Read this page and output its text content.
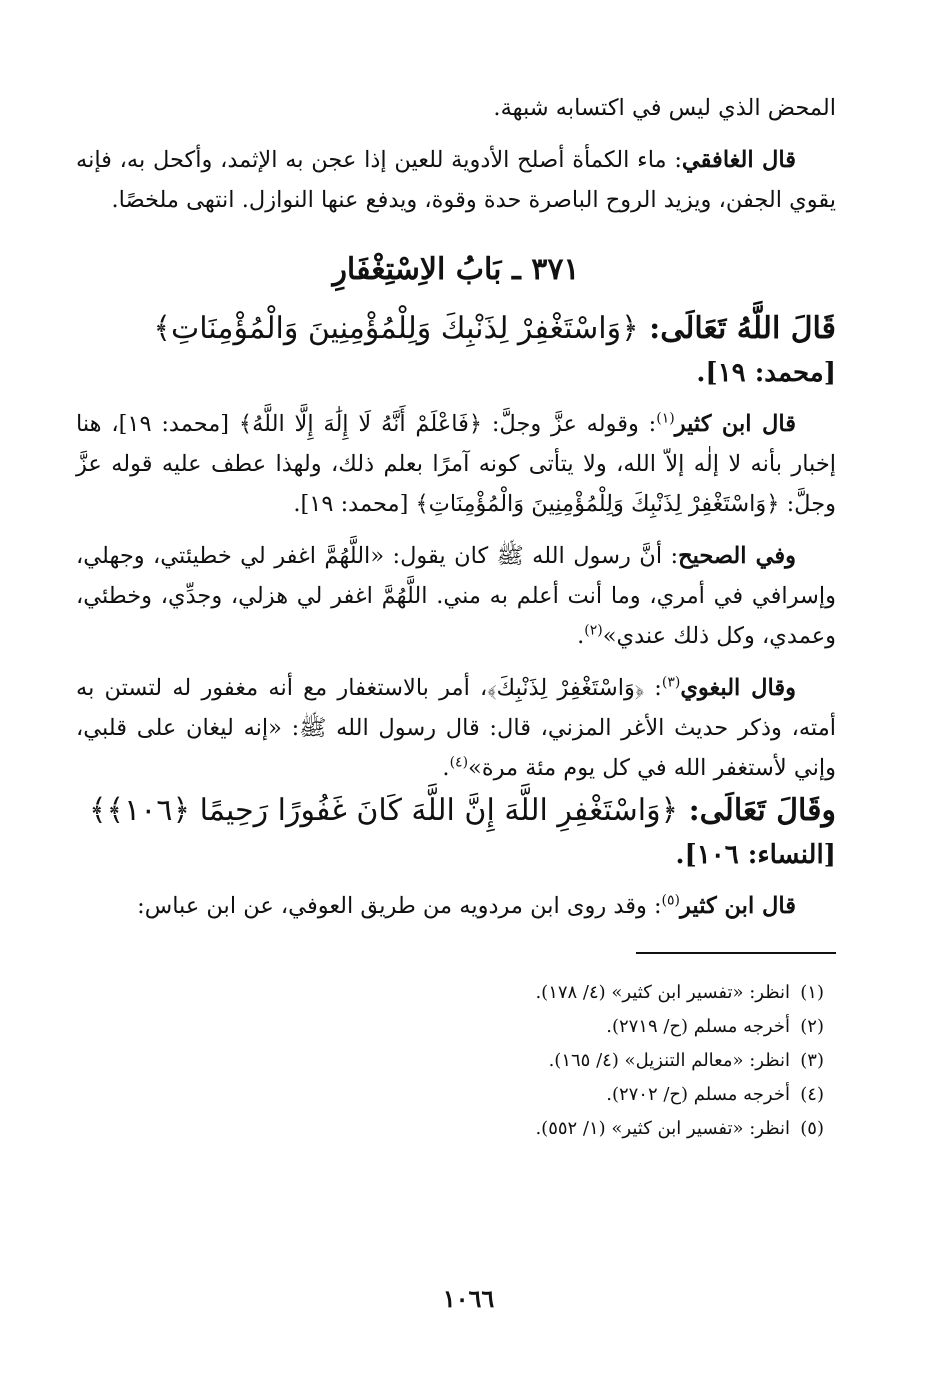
المحض الذي ليس في اكتسابه شبهة.

قال الغافقي: ماء الكمأة أصلح الأدوية للعين إذا عجن به الإثمد، وأكحل به، فإنه يقوي الجفن، ويزيد الروح الباصرة حدة وقوة، ويدفع عنها النوازل. انتهى ملخصًا.

٣٧١ ـ بَابُ الاِسْتِغْفَارِ

قَالَ اللَّهُ تَعَالَى: ﴿وَاسْتَغْفِرْ لِذَنْبِكَ وَلِلْمُؤْمِنِينَ وَالْمُؤْمِنَاتِ﴾

[محمد: ١٩].

قال ابن كثير$^{(١)}$: وقوله عزَّ وجلَّ: ﴿فَاعْلَمْ أَنَّهُ لَا إِلَٰهَ إِلَّا اللَّهُ﴾ [محمد: ١٩]، هنا إخبار بأنه لا إلٰه إلاّ الله، ولا يتأتى كونه آمرًا بعلم ذلك، ولهذا عطف عليه قوله عزَّ وجلَّ: ﴿وَاسْتَغْفِرْ لِذَنْبِكَ وَلِلْمُؤْمِنِينَ وَالْمُؤْمِنَاتِ﴾ [محمد: ١٩].

وفي الصحيح: أنَّ رسول الله ﷺ كان يقول: «اللَّهُمَّ اغفر لي خطيئتي، وجهلي، وإسرافي في أمري، وما أنت أعلم به مني. اللَّهُمَّ اغفر لي هزلي، وجدِّي، وخطئي، وعمدي، وكل ذلك عندي»$^{(٢)}$.

وقال البغوي$^{(٣)}$: ﴿وَاسْتَغْفِرْ لِذَنْبِكَ﴾، أمر بالاستغفار مع أنه مغفور له لتستن به أمته، وذكر حديث الأغر المزني، قال: قال رسول الله ﷺ: «إنه ليغان على قلبي، وإني لأستغفر الله في كل يوم مئة مرة»$^{(٤)}$.

وقَالَ تَعَالَى: ﴿وَاسْتَغْفِرِ اللَّهَ إِنَّ اللَّهَ كَانَ غَفُورًا رَحِيمًا ﴿١٠٦﴾﴾

[النساء: ١٠٦].

قال ابن كثير$^{(٥)}$: وقد روى ابن مردويه من طريق العوفي، عن ابن عباس:

(١)انظر: «تفسير ابن كثير» (٤/ ١٧٨).

(٢)أخرجه مسلم (ح/ ٢٧١٩).

(٣)انظر: «معالم التنزيل» (٤/ ١٦٥).

(٤)أخرجه مسلم (ح/ ٢٧٠٢).

(٥)انظر: «تفسير ابن كثير» (١/ ٥٥٢).

١٠٦٦
